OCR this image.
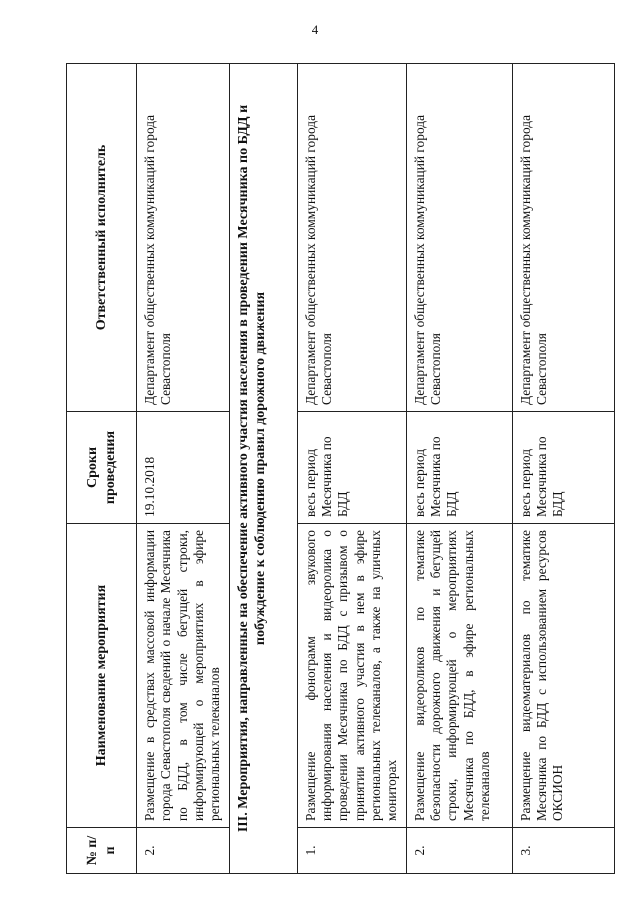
4
№ п/п	Наименование мероприятия	Сроки проведения	Ответственный исполнитель
2.	Размещение в средствах массовой информации города Севастополя сведений о начале Месячника по БДД, в том числе бегущей строки, информирующей о мероприятиях в эфире региональных телеканалов	19.10.2018	Департамент общественных коммуникаций города Севастополя
III. Мероприятия, направленные на обеспечение активного участия населения в проведении Месячника по БДД и побуждение к соблюдению правил дорожного движения			
1.	Размещение фонограмм звукового информирования населения и видеоролика о проведении Месячника по БДД с призывом о принятии активного участия в нем в эфире региональных телеканалов, а также на уличных мониторах	весь период Месячника по БДД	Департамент общественных коммуникаций города Севастополя
2.	Размещение видеороликов по тематике безопасности дорожного движения и бегущей строки, информирующей о мероприятиях Месячника по БДД, в эфире региональных телеканалов	весь период Месячника по БДД	Департамент общественных коммуникаций города Севастополя
3.	Размещение видеоматериалов по тематике Месячника по БДД с использованием ресурсов ОКСИОН	весь период Месячника по БДД	Департамент общественных коммуникаций города Севастополя
